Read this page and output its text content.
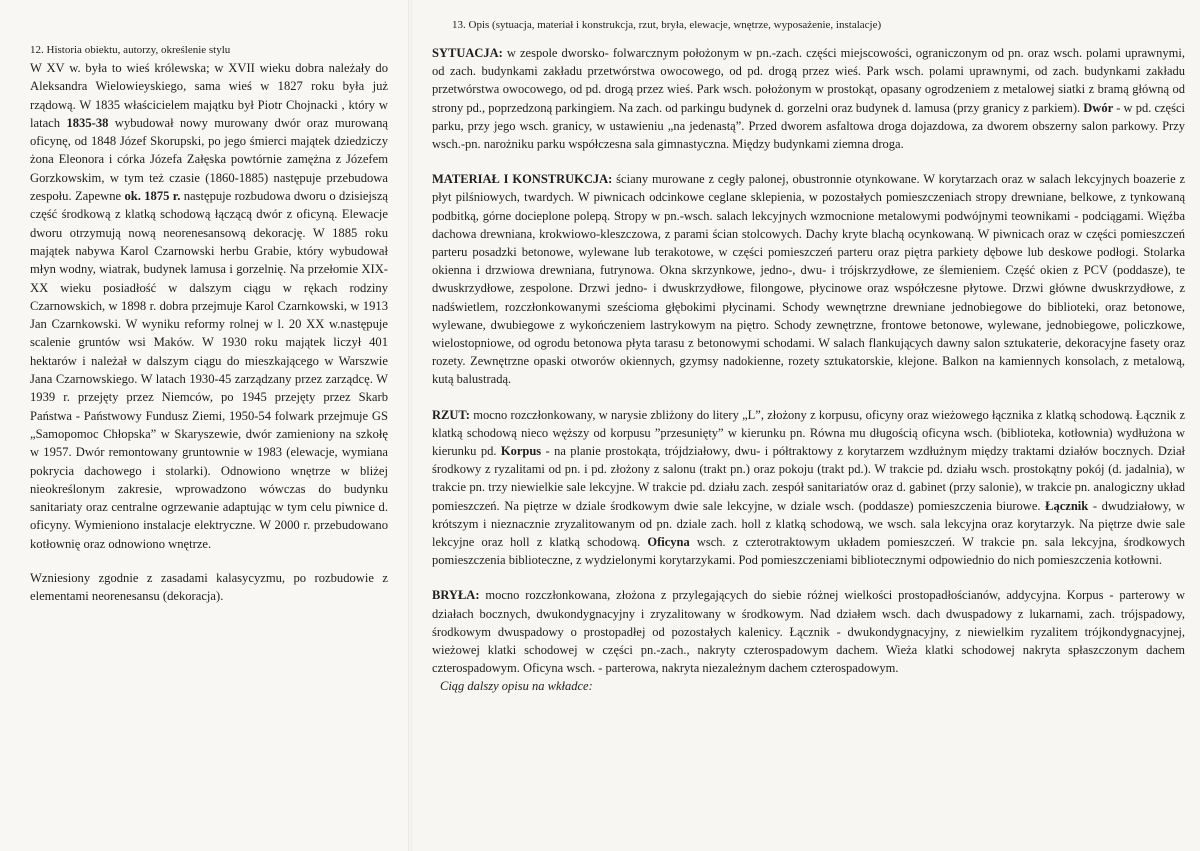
12. Historia obiektu, autorzy, określenie stylu

W XV w. była to wieś królewska; w XVII wieku dobra należały do Aleksandra Wielowieyskiego, sama wieś w 1827 roku była już rządową. W 1835 właścicielem majątku był Piotr Chojnacki , który w latach 1835-38 wybudował nowy murowany dwór oraz murowaną oficynę, od 1848 Józef Skorupski, po jego śmierci majątek dziedziczy żona Eleonora i córka Józefa Załęska powtórnie zamężna z Józefem Gorzkowskim, w tym też czasie (1860-1885) następuje przebudowa zespołu. Zapewne ok. 1875 r. następuje rozbudowa dworu o dzisiejszą część środkową z klatką schodową łączącą dwór z oficyną. Elewacje dworu otrzymują nową neorenesansową dekorację. W 1885 roku majątek nabywa Karol Czarnowski herbu Grabie, który wybudował młyn wodny, wiatrak, budynek lamusa i gorzelnię. Na przełomie XIX-XX wieku posiadłość w dalszym ciągu w rękach rodziny Czarnowskich, w 1898 r. dobra przejmuje Karol Czarnkowski, w 1913 Jan Czarnkowski. W wyniku reformy rolnej w l. 20 XX w.następuje scalenie gruntów wsi Maków. W 1930 roku majątek liczył 401 hektarów i należał w dalszym ciągu do mieszkającego w Warszwie Jana Czarnowskiego. W latach 1930-45 zarządzany przez zarządcę. W 1939 r. przejęty przez Niemców, po 1945 przejęty przez Skarb Państwa - Państwowy Fundusz Ziemi, 1950-54 folwark przejmuje GS „Samopomoc Chłopska” w Skaryszewie, dwór zamieniony na szkołę w 1957. Dwór remontowany gruntownie w 1983 (elewacje, wymiana pokrycia dachowego i stolarki). Odnowiono wnętrze w bliżej nieokreślonym zakresie, wprowadzono wówczas do budynku sanitariaty oraz centralne ogrzewanie adaptując w tym celu piwnice d. oficyny. Wymieniono instalacje elektryczne. W 2000 r. przebudowano kotłownię oraz odnowiono wnętrze.

Wzniesiony zgodnie z zasadami kalasycyzmu, po rozbudowie z elementami neorenesansu (dekoracja).

13. Opis (sytuacja, materiał i konstrukcja, rzut, bryła, elewacje, wnętrze, wyposażenie, instalacje)

SYTUACJA: w zespole dworsko- folwarcznym położonym w pn.-zach. części miejscowości, ograniczonym od pn. oraz wsch. polami uprawnymi, od zach. budynkami zakładu przetwórstwa owocowego, od pd. drogą przez wieś. Park wsch. polami uprawnymi, od zach. budynkami zakładu przetwórstwa owocowego, od pd. drogą przez wieś. Park wsch. położonym w prostokąt, opasany ogrodzeniem z metalowej siatki z bramą główną od strony pd., poprzedzoną parkingiem. Na zach. od parkingu budynek d. gorzelni oraz budynek d. lamusa (przy granicy z parkiem). Dwór - w pd. części parku, przy jego wsch. granicy, w ustawieniu „na jedenastą”. Przed dworem asfaltowa droga dojazdowa, za dworem obszerny salon parkowy. Przy wsch.-pn. narożniku parku współczesna sala gimnastyczna. Między budynkami ziemna droga.

MATERIAŁ I KONSTRUKCJA: ściany murowane z cegły palonej, obustronnie otynkowane. W korytarzach oraz w salach lekcyjnych boazerie z płyt pilśniowych, twardych. W piwnicach odcinkowe ceglane sklepienia, w pozostałych pomieszczeniach stropy drewniane, belkowe, z tynkowaną podbitką, górne docieplone polepą. Stropy w pn.-wsch. salach lekcyjnych wzmocnione metalowymi podwójnymi teownikami - podciągami. Więźba dachowa drewniana, krokwiowo-kleszczowa, z parami ścian stolcowych. Dachy kryte blachą ocynkowaną. W piwnicach oraz w części pomieszczeń parteru posadzki betonowe, wylewane lub terakotowe, w części pomieszczeń parteru oraz piętra parkiety dębowe lub deskowe podłogi. Stolarka okienna i drzwiowa drewniana, futrynowa. Okna skrzynkowe, jedno-, dwu- i trójskrzydłowe, ze ślemieniem. Część okien z PCV (poddasze), te dwuskrzydłowe, zespolone. Drzwi jedno- i dwuskrzydłowe, filongowe, płycinowe oraz współczesne płytowe. Drzwi główne dwuskrzydłowe, z nadświetlem, rozczłonkowanymi sześcioma głębokimi płycinami. Schody wewnętrzne drewniane jednobiegowe do biblioteki, oraz betonowe, wylewane, dwubiegowe z wykończeniem lastrykowym na piętro. Schody zewnętrzne, frontowe betonowe, wylewane, jednobiegowe, policzkowe, wielostopniowe, od ogrodu betonowa płyta tarasu z betonowymi schodami. W salach flankujących dawny salon sztukaterie, dekoracyjne fasety oraz rozety. Zewnętrzne opaski otworów okiennych, gzymsy nadokienne, rozety sztukatorskie, klejone. Balkon na kamiennych konsolach, z metalową, kutą balustradą.

RZUT: mocno rozczłonkowany, w narysie zbliżony do litery „L”, złożony z korpusu, oficyny oraz wieżowego łącznika z klatką schodową. Łącznik z klatką schodową nieco węższy od korpusu ”przesunięty” w kierunku pn. Równa mu długością oficyna wsch. (biblioteka, kotłownia) wydłużona w kierunku pd. Korpus - na planie prostokąta, trójdziałowy, dwu- i półtraktowy z korytarzem wzdłużnym między traktami działów bocznych. Dział środkowy z ryzalitami od pn. i pd. złożony z salonu (trakt pn.) oraz pokoju (trakt pd.). W trakcie pd. działu wsch. prostokątny pokój (d. jadalnia), w trakcie pn. trzy niewielkie sale lekcyjne. W trakcie pd. działu zach. zespół sanitariatów oraz d. gabinet (przy salonie), w trakcie pn. analogiczny układ pomieszczeń. Na piętrze w dziale środkowym dwie sale lekcyjne, w dziale wsch. (poddasze) pomieszczenia biurowe. Łącznik - dwudziałowy, w krótszym i nieznacznie zryzalitowanym od pn. dziale zach. holl z klatką schodową, we wsch. sala lekcyjna oraz korytarzyk. Na piętrze dwie sale lekcyjne oraz holl z klatką schodową. Oficyna wsch. z czterotraktowym układem pomieszczeń. W trakcie pn. sala lekcyjna, środkowych pomieszczenia biblioteczne, z wydzielonymi korytarzykami. Pod pomieszczeniami bibliotecznymi odpowiednio do nich pomieszczenia kotłowni.

BRYŁA: mocno rozczłonkowana, złożona z przylegających do siebie różnej wielkości prostopadłościanów, addycyjna. Korpus - parterowy w działach bocznych, dwukondygnacyjny i zryzalitowany w środkowym. Nad działem wsch. dach dwuspadowy z lukarnami, zach. trójspadowy, środkowym dwuspadowy o prostopadłej od pozostałych kalenicy. Łącznik - dwukondygnacyjny, z niewielkim ryzalitem trójkondygnacyjnej, wieżowej klatki schodowej w części pn.-zach., nakryty czterospadowym dachem. Wieża klatki schodowej nakryta spłaszczonym dachem czterospadowym. Oficyna wsch. - parterowa, nakryta niezależnym dachem czterospadowym.

Ciąg dalszy opisu na wkładce:
